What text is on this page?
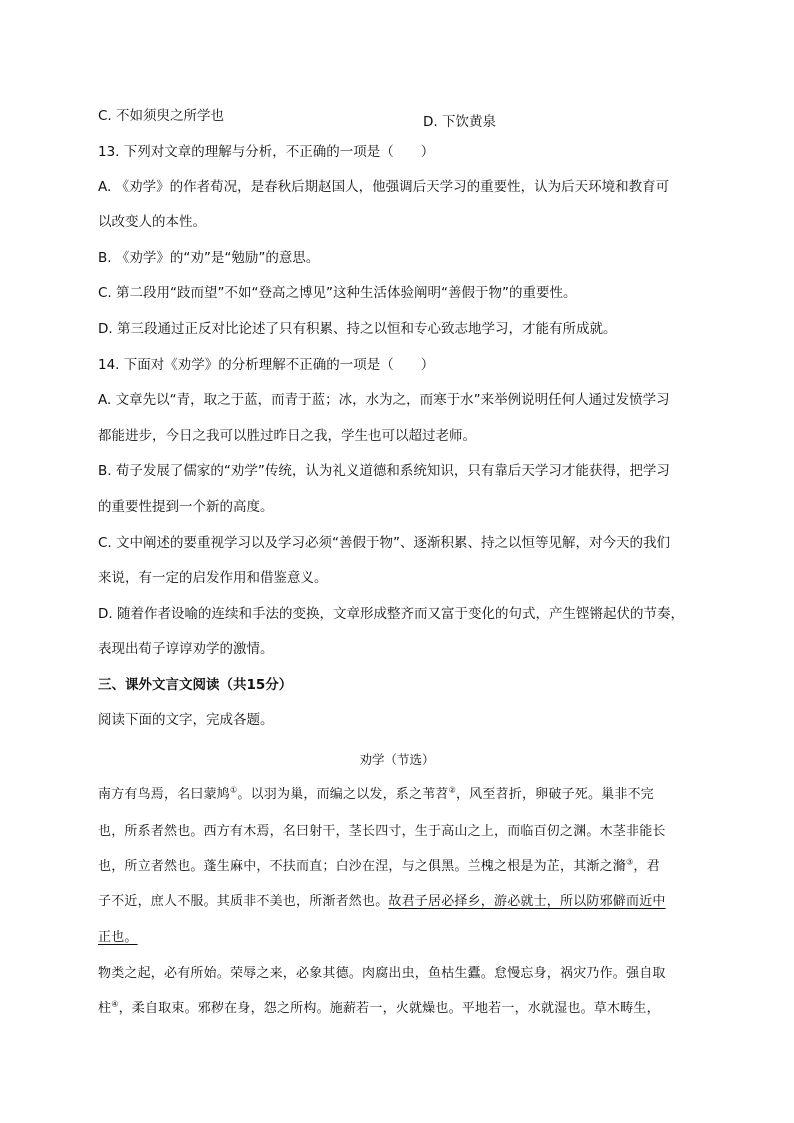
C. 不如须臾之所学也	D. 下饮黄泉
13. 下列对文章的理解与分析，不正确的一项是（　　）
A. 《劝学》的作者荀况，是春秋后期赵国人，他强调后天学习的重要性，认为后天环境和教育可
以改变人的本性。
B. 《劝学》的“劝”是“勉励”的意思。
C. 第二段用“跂而望”不如“登高之博见”这种生活体验阐明“善假于物”的重要性。
D. 第三段通过正反对比论述了只有积累、持之以恒和专心致志地学习，才能有所成就。
14. 下面对《劝学》的分析理解不正确的一项是（　　）
A. 文章先以“青，取之于蓝，而青于蓝；冰，水为之，而寒于水”来举例说明任何人通过发愤学习
都能进步，今日之我可以胜过昨日之我，学生也可以超过老师。
B. 荀子发展了儒家的“劝学”传统，认为礼义道德和系统知识，只有靠后天学习才能获得，把学习
的重要性提到一个新的高度。
C. 文中阐述的要重视学习以及学习必须“善假于物”、逐渐积累、持之以恒等见解，对今天的我们
来说，有一定的启发作用和借鉴意义。
D. 随着作者设喻的连续和手法的变换，文章形成整齐而又富于变化的句式，产生铿锵起伏的节奏，
表现出荀子谆谆劝学的激情。
三、课外文言文阅读（共15分）
阅读下面的文字，完成各题。
劝学（节选）
南方有鸟焉，名曰蒙鸠①。以羽为巢，而编之以发，系之苇苕②，风至苕折，卵破子死。巢非不完
也，所系者然也。西方有木焉，名曰射干，茎长四寸，生于高山之上，而临百仞之渊。木茎非能长
也，所立者然也。蓬生麻中，不扶而直；白沙在涅，与之俱黑。兰槐之根是为芷，其渐之滫③，君
子不近，庶人不服。其质非不美也，所渐者然也。故君子居必择乡，游必就士，所以防邪僻而近中
正也。
物类之起，必有所始。荣辱之来，必象其德。肉腐出虫，鱼枯生蠹。怠慢忘身，祸灾乃作。强自取
柱④，柔自取束。邪秽在身，怨之所构。施薪若一，火就燥也。平地若一，水就湿也。草木畴生，
